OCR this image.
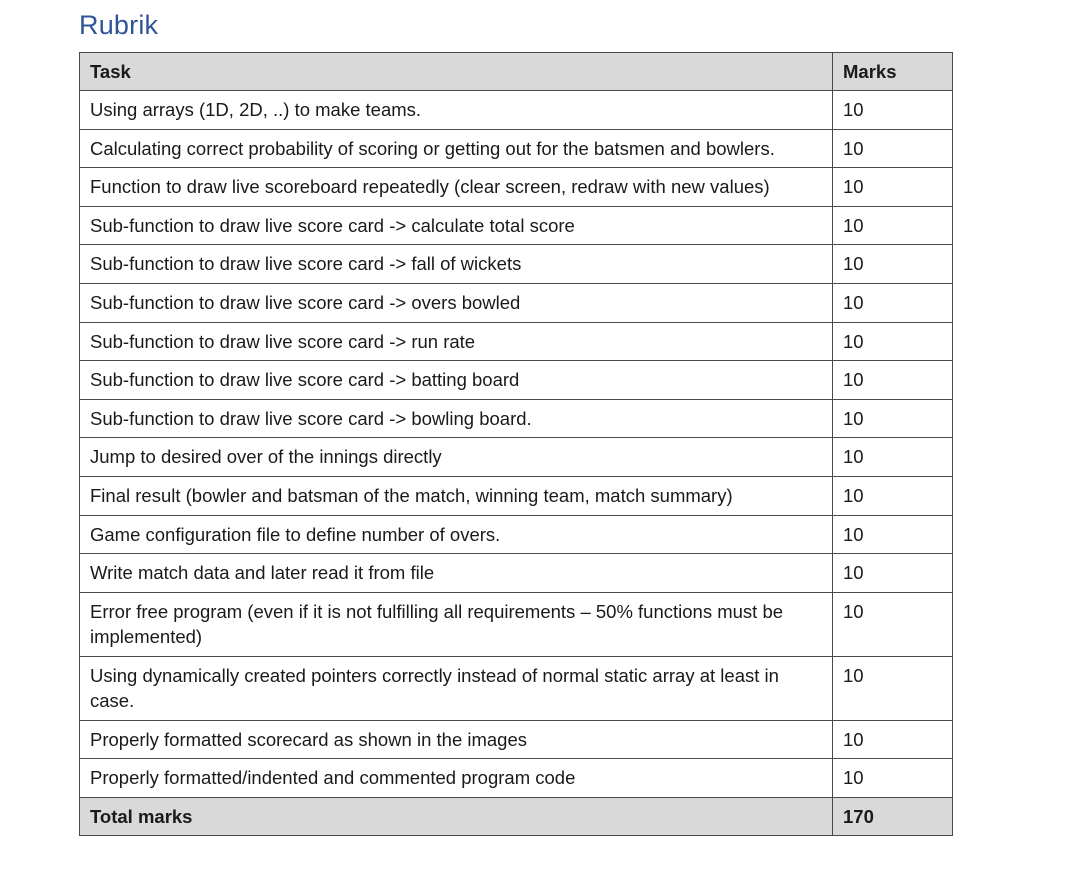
Rubrik
Task	Marks
Using arrays (1D, 2D, ..) to make teams.	10
Calculating correct probability of scoring or getting out for the batsmen and bowlers.	10
Function to draw live scoreboard repeatedly (clear screen, redraw with new values)	10
Sub-function to draw live score card -> calculate total score	10
Sub-function to draw live score card -> fall of wickets	10
Sub-function to draw live score card -> overs bowled	10
Sub-function to draw live score card -> run rate	10
Sub-function to draw live score card -> batting board	10
Sub-function to draw live score card -> bowling board.	10
Jump to desired over of the innings directly	10
Final result (bowler and batsman of the match, winning team, match summary)	10
Game configuration file to define number of overs.	10
Write match data and later read it from file	10
Error free program (even if it is not fulfilling all requirements – 50% functions must be implemented)	10
Using dynamically created pointers correctly instead of normal static array at least in case.	10
Properly formatted scorecard as shown in the images	10
Properly formatted/indented and commented program code	10
Total marks	170
